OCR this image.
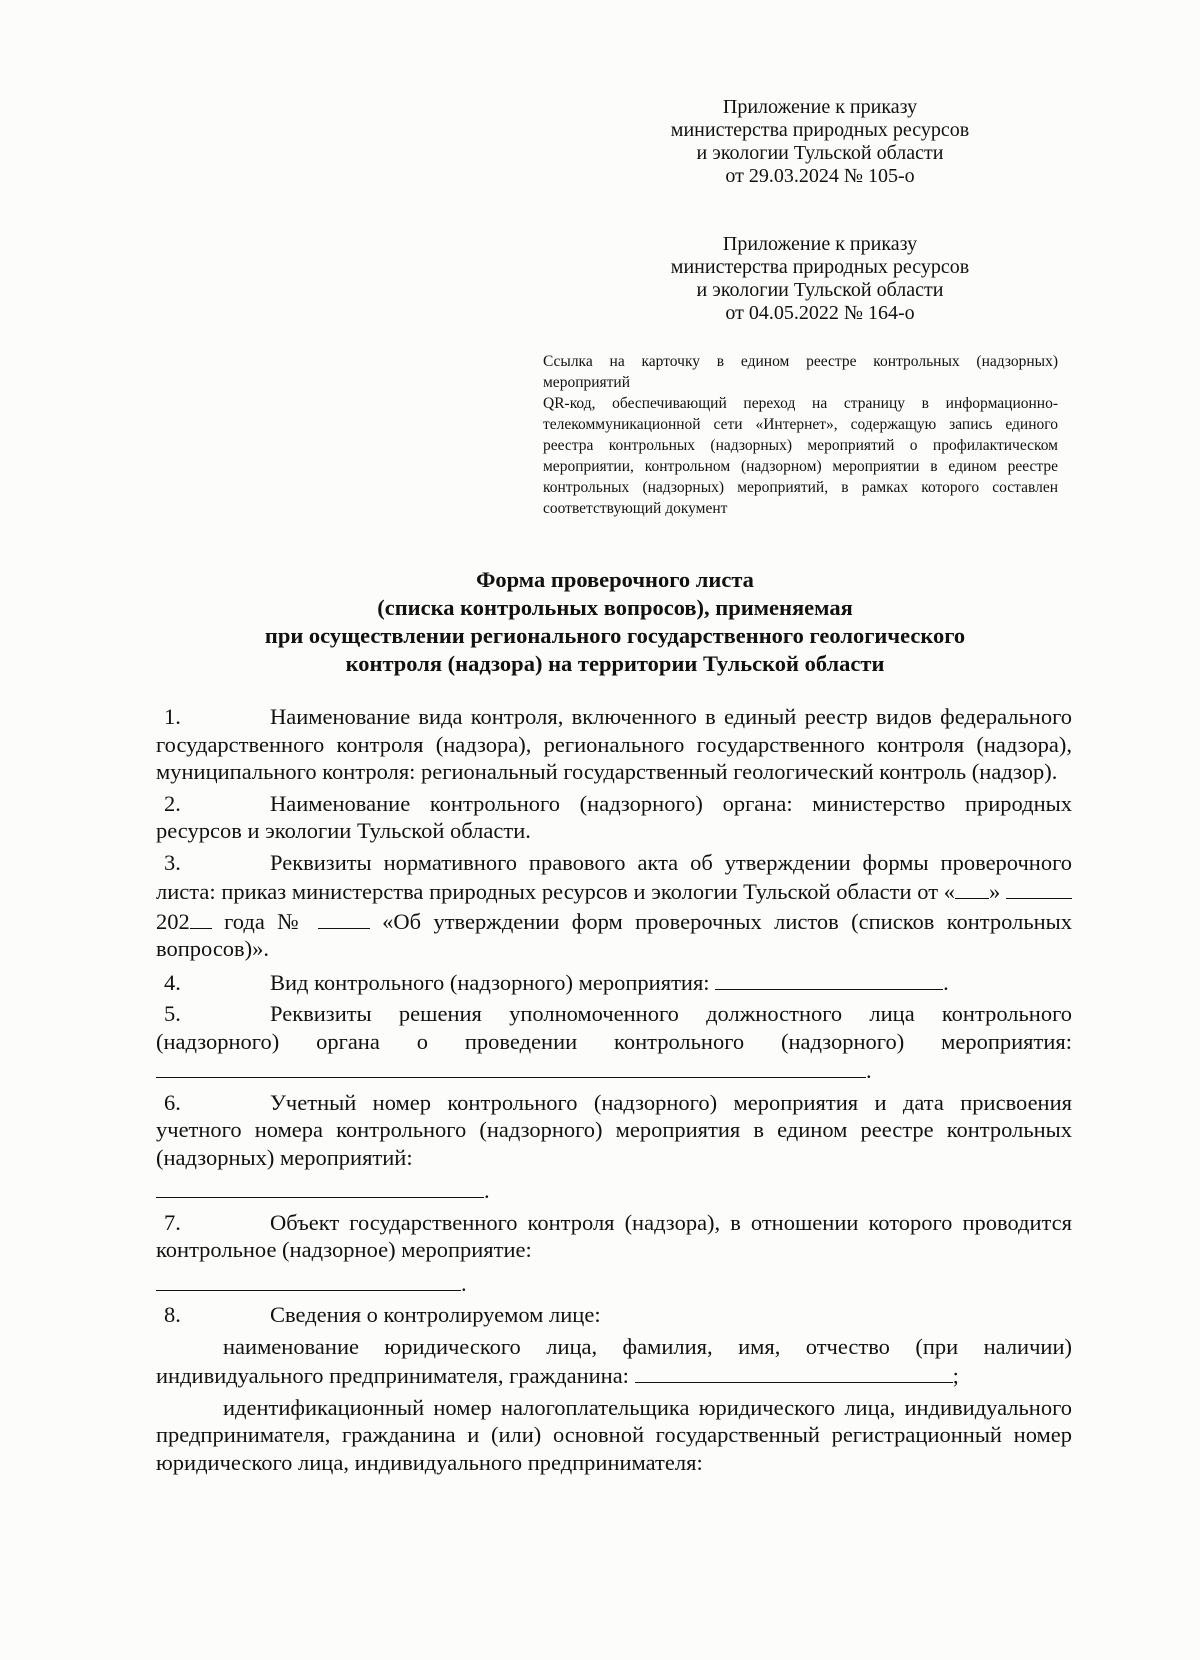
Приложение к приказу

министерства природных ресурсов

и экологии Тульской области

от 29.03.2024 № 105-о

Приложение к приказу

министерства природных ресурсов

и экологии Тульской области

от 04.05.2022 № 164-о

Ссылка на карточку в едином реестре контрольных (надзорных) мероприятий

QR-код, обеспечивающий переход на страницу в информационно-телекоммуникационной сети «Интернет», содержащую запись единого реестра контрольных (надзорных) мероприятий о профилактическом мероприятии, контрольном (надзорном) мероприятии в едином реестре контрольных (надзорных) мероприятий, в рамках которого составлен соответствующий документ

Форма проверочного листа

(списка контрольных вопросов), применяемая

при осуществлении регионального государственного геологического

контроля (надзора) на территории Тульской области

1.	Наименование вида контроля, включенного в единый реестр видов федерального государственного контроля (надзора), регионального государственного контроля (надзора), муниципального контроля: региональный государственный геологический контроль (надзор).

2.	Наименование контрольного (надзорного) органа: министерство природных ресурсов и экологии Тульской области.

3.	Реквизиты нормативного правового акта об утверждении формы проверочного листа: приказ министерства природных ресурсов и экологии Тульской области от « »  202 года №	«Об утверждении форм проверочных листов (списков контрольных вопросов)».

4.	Вид контрольного (надзорного) мероприятия:	.

5.	Реквизиты решения уполномоченного должностного лица контрольного (надзорного) органа о проведении контрольного (надзорного) мероприятия: .

6.	Учетный номер контрольного (надзорного) мероприятия и дата присвоения учетного номера контрольного (надзорного) мероприятия в едином реестре контрольных (надзорных) мероприятий:

.

7.	Объект государственного контроля (надзора), в отношении которого проводится контрольное (надзорное) мероприятие:

.

8.	Сведения о контролируемом лице:

наименование юридического лица, фамилия, имя, отчество (при наличии) индивидуального предпринимателя, гражданина:	;

идентификационный номер налогоплательщика юридического лица, индивидуального предпринимателя, гражданина и (или) основной государственный регистрационный номер юридического лица, индивидуального предпринимателя:
